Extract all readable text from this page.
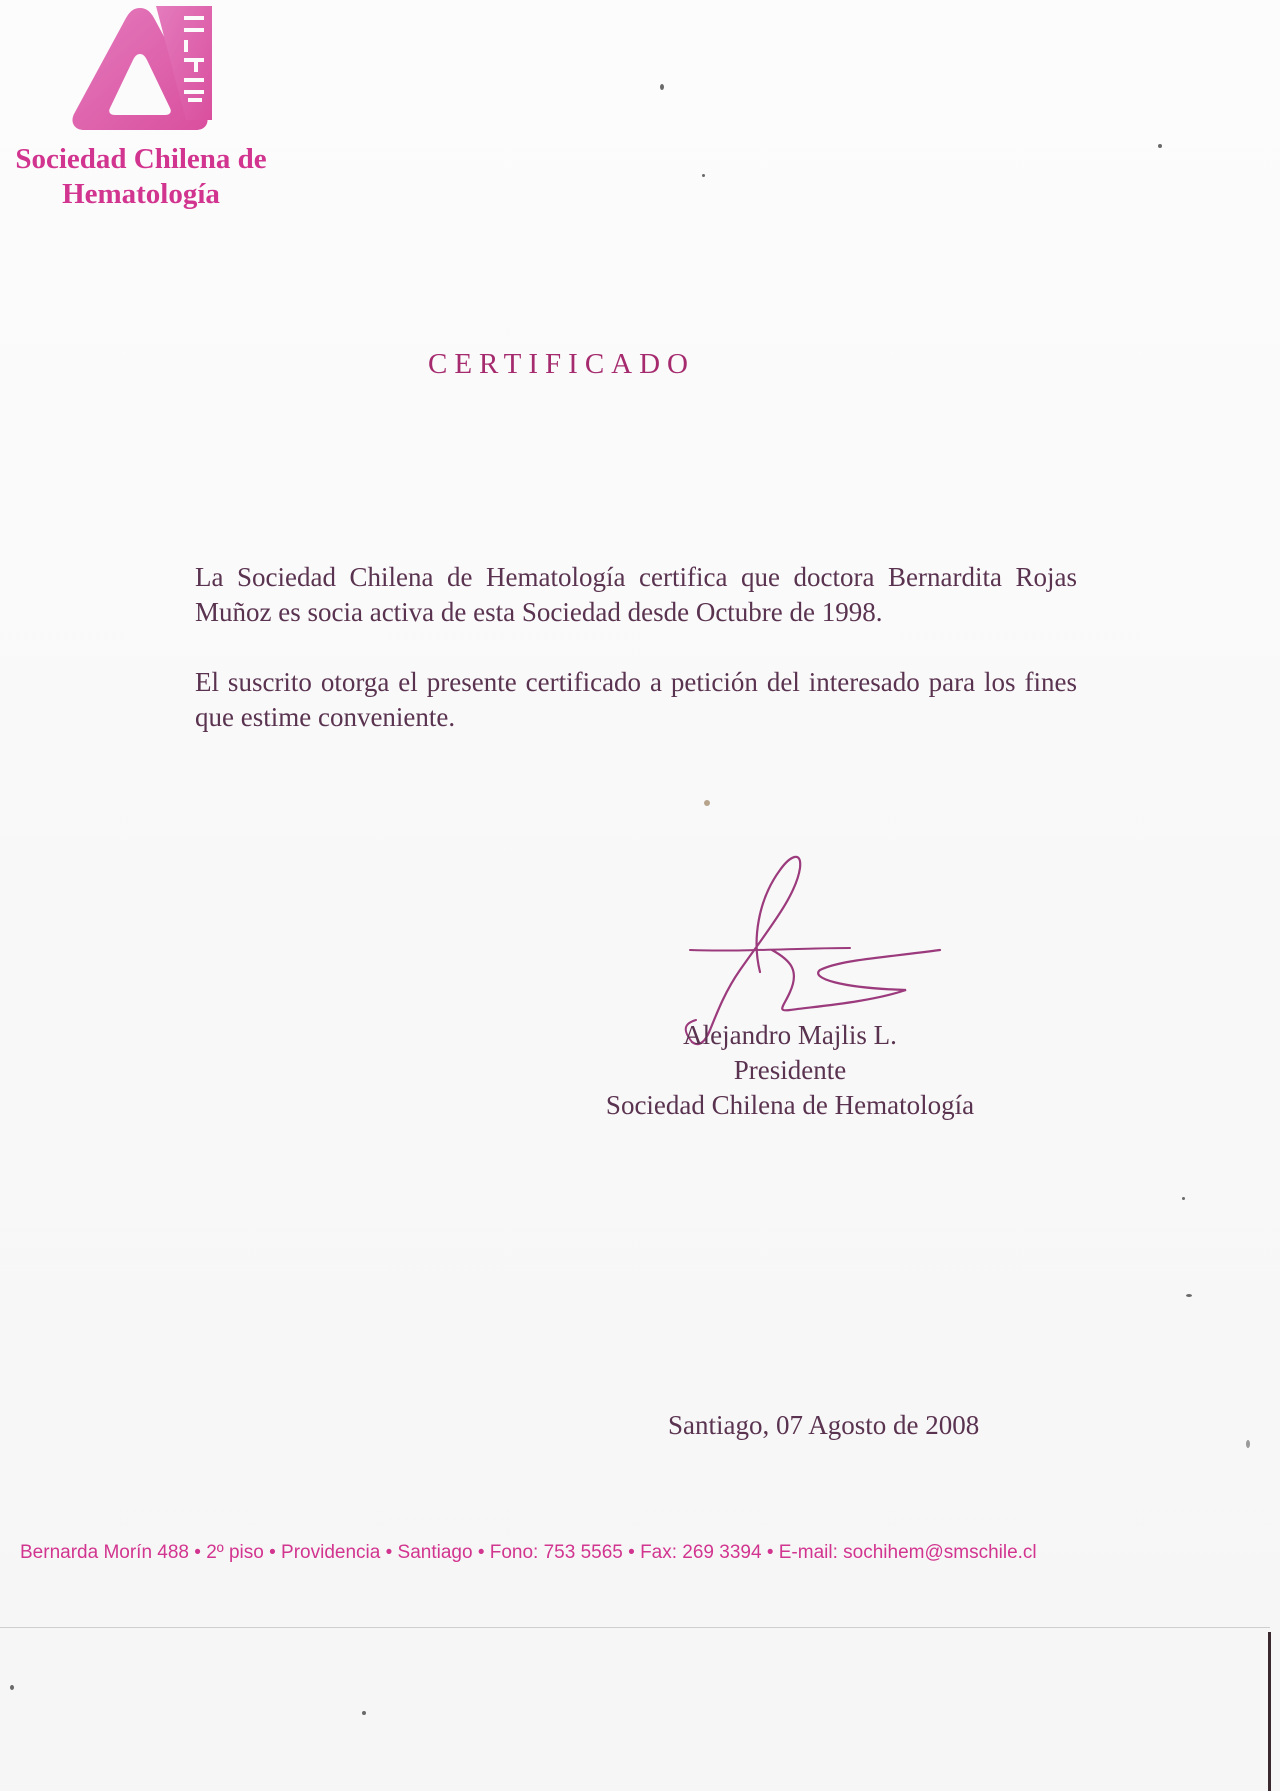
Sociedad Chilena de
Hematología
CERTIFICADO
La Sociedad Chilena de Hematología certifica que doctora Bernardita Rojas Muñoz es socia activa de esta Sociedad desde Octubre de 1998.
El suscrito otorga el presente certificado a petición del interesado para los fines que estime conveniente.
Alejandro Majlis L.
Presidente
Sociedad Chilena de Hematología
Santiago, 07 Agosto de 2008
Bernarda Morín 488 • 2º piso • Providencia • Santiago • Fono: 753 5565 • Fax: 269 3394 • E-mail: sochihem@smschile.cl
